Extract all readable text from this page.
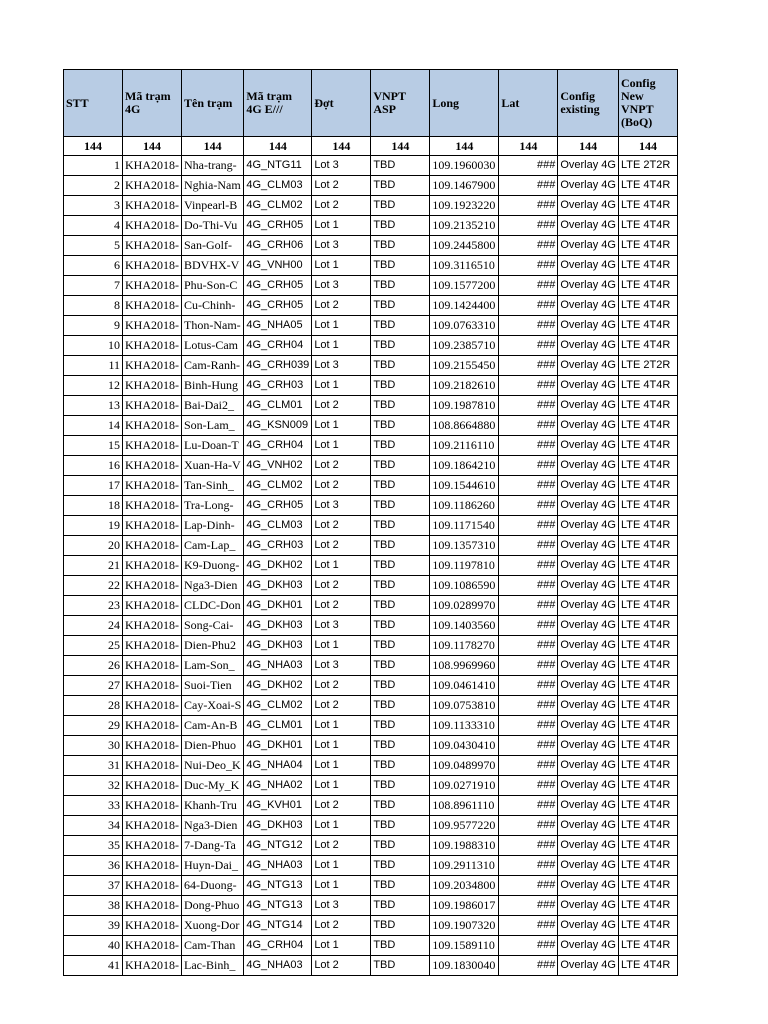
STT	Mã trạm 4G	Tên trạm	Mã trạm 4G E///	Đợt	VNPT ASP	Long	Lat	Config existing	Config New VNPT (BoQ)
144	144	144	144	144	144	144	144	144	144
1	KHA2018-	Nha-trang-	4G_NTG11	Lot 3	TBD	109.1960030	###	Overlay 4G	LTE 2T2R
2	KHA2018-	Nghia-Nam	4G_CLM03	Lot 2	TBD	109.1467900	###	Overlay 4G	LTE 4T4R
3	KHA2018-	Vinpearl-B	4G_CLM02	Lot 2	TBD	109.1923220	###	Overlay 4G	LTE 4T4R
4	KHA2018-	Do-Thi-Vu	4G_CRH05	Lot 1	TBD	109.2135210	###	Overlay 4G	LTE 4T4R
5	KHA2018-	San-Golf-	4G_CRH06	Lot 3	TBD	109.2445800	###	Overlay 4G	LTE 4T4R
6	KHA2018-	BDVHX-V	4G_VNH00	Lot 1	TBD	109.3116510	###	Overlay 4G	LTE 4T4R
7	KHA2018-	Phu-Son-C	4G_CRH05	Lot 3	TBD	109.1577200	###	Overlay 4G	LTE 4T4R
8	KHA2018-	Cu-Chinh-	4G_CRH05	Lot 2	TBD	109.1424400	###	Overlay 4G	LTE 4T4R
9	KHA2018-	Thon-Nam-	4G_NHA05	Lot 1	TBD	109.0763310	###	Overlay 4G	LTE 4T4R
10	KHA2018-	Lotus-Cam	4G_CRH04	Lot 1	TBD	109.2385710	###	Overlay 4G	LTE 4T4R
11	KHA2018-	Cam-Ranh-	4G_CRH039	Lot 3	TBD	109.2155450	###	Overlay 4G	LTE 2T2R
12	KHA2018-	Binh-Hung	4G_CRH03	Lot 1	TBD	109.2182610	###	Overlay 4G	LTE 4T4R
13	KHA2018-	Bai-Dai2_	4G_CLM01	Lot 2	TBD	109.1987810	###	Overlay 4G	LTE 4T4R
14	KHA2018-	Son-Lam_	4G_KSN009	Lot 1	TBD	108.8664880	###	Overlay 4G	LTE 4T4R
15	KHA2018-	Lu-Doan-T	4G_CRH04	Lot 1	TBD	109.2116110	###	Overlay 4G	LTE 4T4R
16	KHA2018-	Xuan-Ha-V	4G_VNH02	Lot 2	TBD	109.1864210	###	Overlay 4G	LTE 4T4R
17	KHA2018-	Tan-Sinh_	4G_CLM02	Lot 2	TBD	109.1544610	###	Overlay 4G	LTE 4T4R
18	KHA2018-	Tra-Long-	4G_CRH05	Lot 3	TBD	109.1186260	###	Overlay 4G	LTE 4T4R
19	KHA2018-	Lap-Dinh-	4G_CLM03	Lot 2	TBD	109.1171540	###	Overlay 4G	LTE 4T4R
20	KHA2018-	Cam-Lap_	4G_CRH03	Lot 2	TBD	109.1357310	###	Overlay 4G	LTE 4T4R
21	KHA2018-	K9-Duong-	4G_DKH02	Lot 1	TBD	109.1197810	###	Overlay 4G	LTE 4T4R
22	KHA2018-	Nga3-Dien	4G_DKH03	Lot 2	TBD	109.1086590	###	Overlay 4G	LTE 4T4R
23	KHA2018-	CLDC-Don	4G_DKH01	Lot 2	TBD	109.0289970	###	Overlay 4G	LTE 4T4R
24	KHA2018-	Song-Cai-	4G_DKH03	Lot 3	TBD	109.1403560	###	Overlay 4G	LTE 4T4R
25	KHA2018-	Dien-Phu2	4G_DKH03	Lot 1	TBD	109.1178270	###	Overlay 4G	LTE 4T4R
26	KHA2018-	Lam-Son_	4G_NHA03	Lot 3	TBD	108.9969960	###	Overlay 4G	LTE 4T4R
27	KHA2018-	Suoi-Tien	4G_DKH02	Lot 2	TBD	109.0461410	###	Overlay 4G	LTE 4T4R
28	KHA2018-	Cay-Xoai-S	4G_CLM02	Lot 2	TBD	109.0753810	###	Overlay 4G	LTE 4T4R
29	KHA2018-	Cam-An-B	4G_CLM01	Lot 1	TBD	109.1133310	###	Overlay 4G	LTE 4T4R
30	KHA2018-	Dien-Phuo	4G_DKH01	Lot 1	TBD	109.0430410	###	Overlay 4G	LTE 4T4R
31	KHA2018-	Nui-Deo_K	4G_NHA04	Lot 1	TBD	109.0489970	###	Overlay 4G	LTE 4T4R
32	KHA2018-	Duc-My_K	4G_NHA02	Lot 1	TBD	109.0271910	###	Overlay 4G	LTE 4T4R
33	KHA2018-	Khanh-Tru	4G_KVH01	Lot 2	TBD	108.8961110	###	Overlay 4G	LTE 4T4R
34	KHA2018-	Nga3-Dien	4G_DKH03	Lot 1	TBD	109.9577220	###	Overlay 4G	LTE 4T4R
35	KHA2018-	7-Dang-Ta	4G_NTG12	Lot 2	TBD	109.1988310	###	Overlay 4G	LTE 4T4R
36	KHA2018-	Huyn-Dai_	4G_NHA03	Lot 1	TBD	109.2911310	###	Overlay 4G	LTE 4T4R
37	KHA2018-	64-Duong-	4G_NTG13	Lot 1	TBD	109.2034800	###	Overlay 4G	LTE 4T4R
38	KHA2018-	Dong-Phuo	4G_NTG13	Lot 3	TBD	109.1986017	###	Overlay 4G	LTE 4T4R
39	KHA2018-	Xuong-Dor	4G_NTG14	Lot 2	TBD	109.1907320	###	Overlay 4G	LTE 4T4R
40	KHA2018-	Cam-Than	4G_CRH04	Lot 1	TBD	109.1589110	###	Overlay 4G	LTE 4T4R
41	KHA2018-	Lac-Binh_	4G_NHA03	Lot 2	TBD	109.1830040	###	Overlay 4G	LTE 4T4R
